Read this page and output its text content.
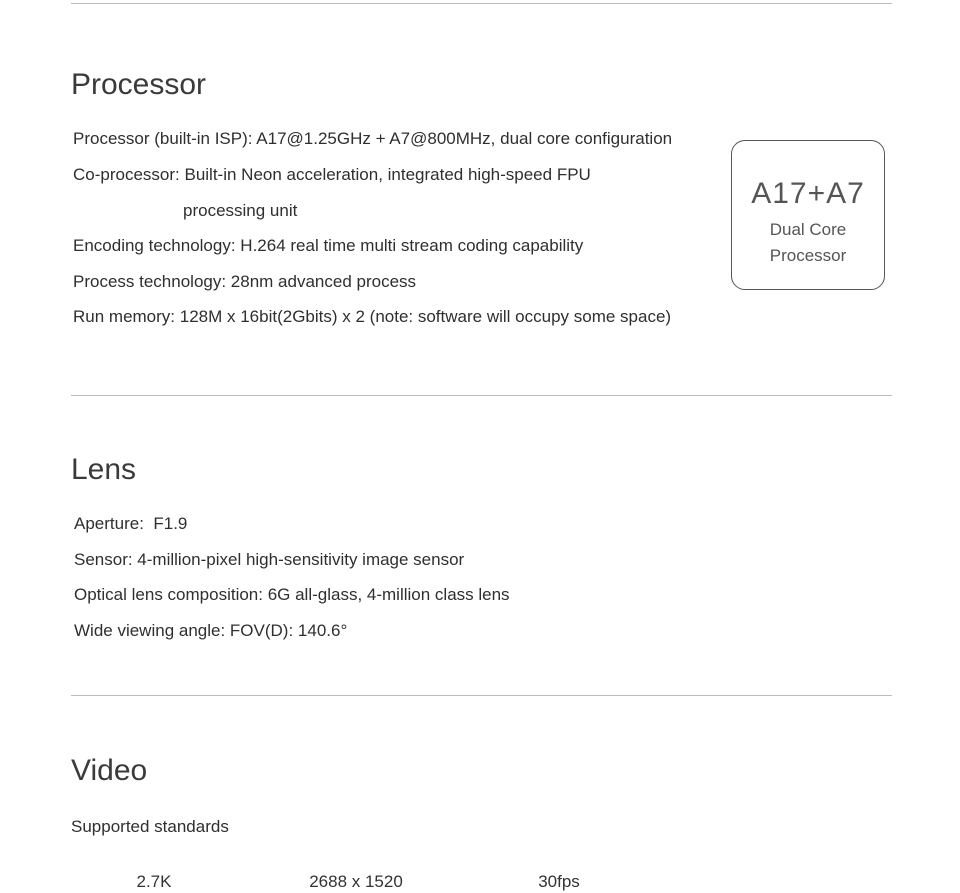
Processor
Processor (built-in ISP): A17@1.25GHz + A7@800MHz, dual core configuration
Co-processor: Built-in Neon acceleration, integrated high-speed FPU
processing unit
Encoding technology: H.264 real time multi stream coding capability
Process technology: 28nm advanced process
Run memory: 128M x 16bit(2Gbits) x 2 (note: software will occupy some space)
A17+A7
Dual Core
Processor
Lens
Aperture:  F1.9
Sensor: 4-million-pixel high-sensitivity image sensor
Optical lens composition: 6G all-glass, 4-million class lens
Wide viewing angle: FOV(D): 140.6°
Video
Supported standards
2.7K	2688 x 1520	30fps
